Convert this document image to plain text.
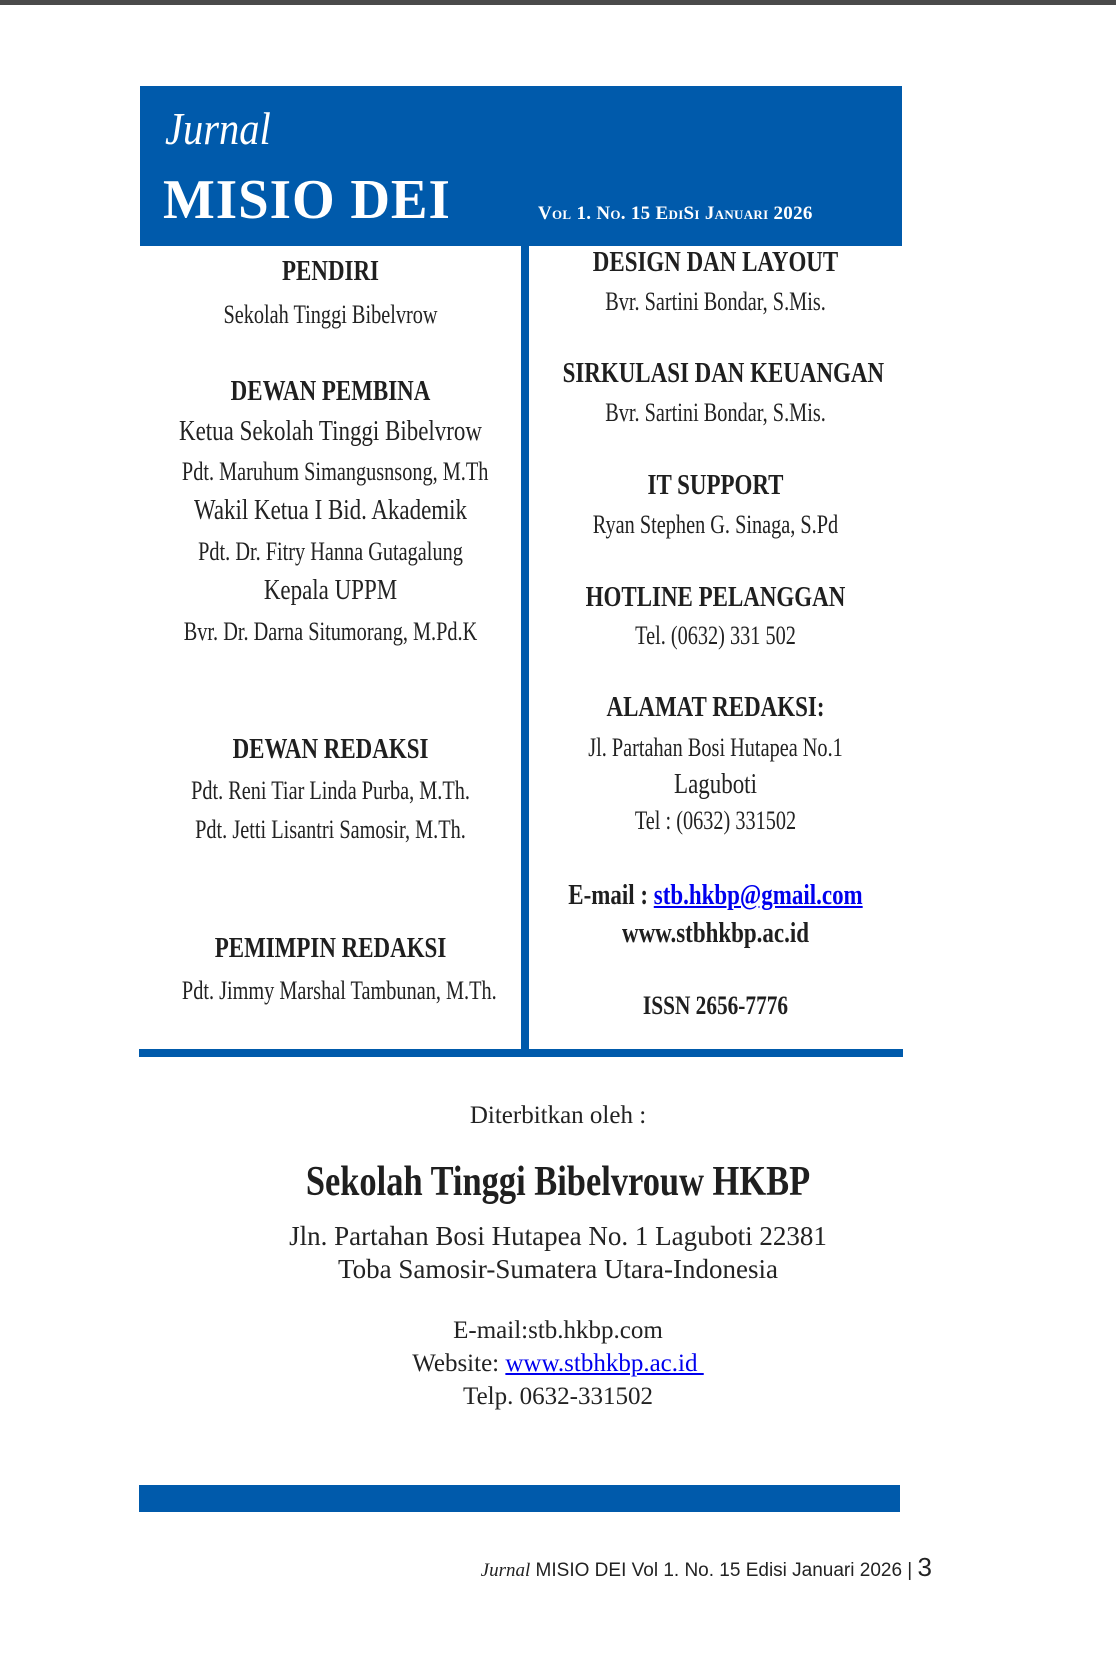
Jurnal
MISIO DEI	Vol 1. No. 15 EdiSi Januari 2026
PENDIRI
Sekolah Tinggi Bibelvrow
DEWAN PEMBINA
Ketua Sekolah Tinggi Bibelvrow
Pdt. Maruhum Simangusnsong, M.Th
Wakil Ketua I Bid. Akademik
Pdt. Dr. Fitry Hanna Gutagalung
Kepala UPPM
Bvr. Dr. Darna Situmorang, M.Pd.K
DEWAN REDAKSI
Pdt. Reni Tiar Linda Purba, M.Th.
Pdt. Jetti Lisantri Samosir, M.Th.
PEMIMPIN REDAKSI
Pdt. Jimmy Marshal Tambunan, M.Th.
DESIGN DAN LAYOUT
Bvr. Sartini Bondar, S.Mis.
SIRKULASI DAN KEUANGAN
Bvr. Sartini Bondar, S.Mis.
IT SUPPORT
Ryan Stephen G. Sinaga, S.Pd
HOTLINE PELANGGAN
Tel. (0632) 331 502
ALAMAT REDAKSI:
Jl. Partahan Bosi Hutapea No.1
Laguboti
Tel : (0632) 331502
E-mail : stb.hkbp@gmail.com
www.stbhkbp.ac.id
ISSN 2656-7776
Diterbitkan oleh :
Sekolah Tinggi Bibelvrouw HKBP
Jln. Partahan Bosi Hutapea No. 1 Laguboti 22381
Toba Samosir-Sumatera Utara-Indonesia
E-mail:stb.hkbp.com
Website: www.stbhkbp.ac.id
Telp. 0632-331502
Jurnal MISIO DEI Vol 1. No. 15 Edisi Januari 2026 | 3
